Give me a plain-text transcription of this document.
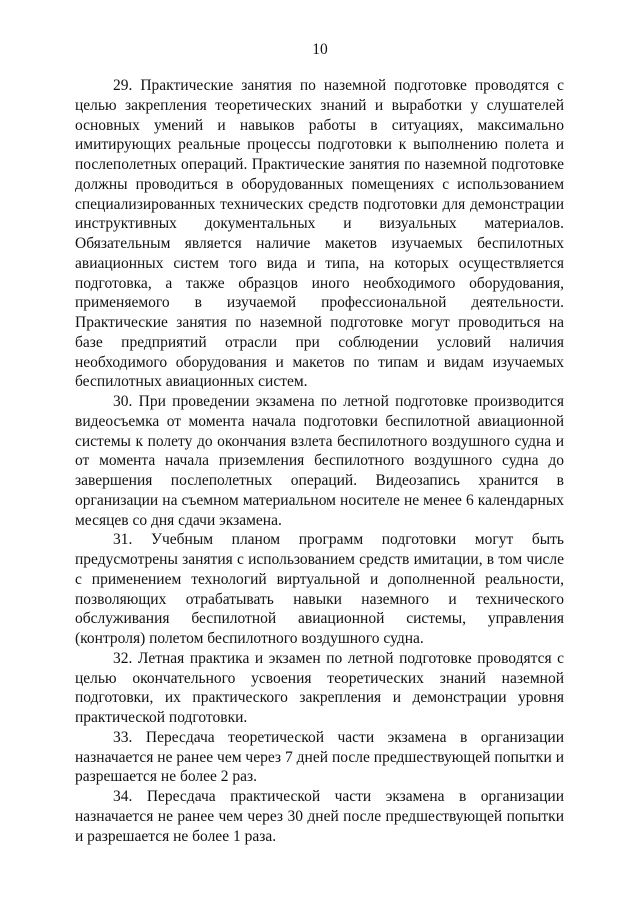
10

29. Практические занятия по наземной подготовке проводятся с целью закрепления теоретических знаний и выработки у слушателей основных умений и навыков работы в ситуациях, максимально имитирующих реальные процессы подготовки к выполнению полета и послеполетных операций. Практические занятия по наземной подготовке должны проводиться в оборудованных помещениях с использованием специализированных технических средств подготовки для демонстрации инструктивных документальных и визуальных материалов. Обязательным является наличие макетов изучаемых беспилотных авиационных систем того вида и типа, на которых осуществляется подготовка, а также образцов иного необходимого оборудования, применяемого в изучаемой профессиональной деятельности. Практические занятия по наземной подготовке могут проводиться на базе предприятий отрасли при соблюдении условий наличия необходимого оборудования и макетов по типам и видам изучаемых беспилотных авиационных систем.

30. При проведении экзамена по летной подготовке производится видеосъемка от момента начала подготовки беспилотной авиационной системы к полету до окончания взлета беспилотного воздушного судна и от момента начала приземления беспилотного воздушного судна до завершения послеполетных операций. Видеозапись хранится в организации на съемном материальном носителе не менее 6 календарных месяцев со дня сдачи экзамена.

31. Учебным планом программ подготовки могут быть предусмотрены занятия с использованием средств имитации, в том числе с применением технологий виртуальной и дополненной реальности, позволяющих отрабатывать навыки наземного и технического обслуживания беспилотной авиационной системы, управления (контроля) полетом беспилотного воздушного судна.

32. Летная практика и экзамен по летной подготовке проводятся с целью окончательного усвоения теоретических знаний наземной подготовки, их практического закрепления и демонстрации уровня практической подготовки.

33. Пересдача теоретической части экзамена в организации назначается не ранее чем через 7 дней после предшествующей попытки и разрешается не более 2 раз.

34. Пересдача практической части экзамена в организации назначается не ранее чем через 30 дней после предшествующей попытки и разрешается не более 1 раза.
